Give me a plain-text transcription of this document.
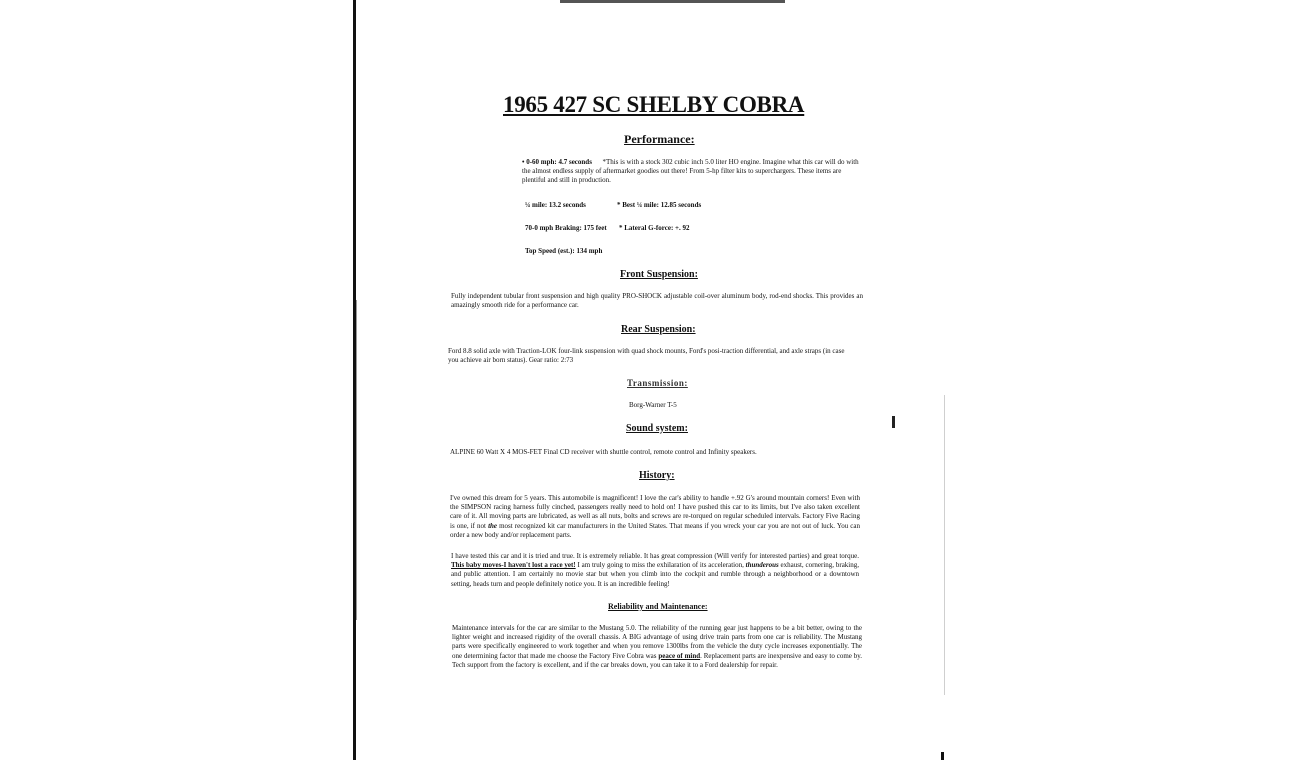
1965 427 SC SHELBY COBRA
Performance:
• 0-60 mph: 4.7 seconds *This is with a stock 302 cubic inch 5.0 liter HO engine. Imagine what this car will do with the almost endless supply of aftermarket goodies out there! From 5-hp filter kits to superchargers. These items are plentiful and still in production.
¼ mile: 13.2 seconds	* Best ¼ mile: 12.85 seconds
70-0 mph Braking: 175 feet * Lateral G-force: +. 92
Top Speed (est.): 134 mph
Front Suspension:
Fully independent tubular front suspension and high quality PRO-SHOCK adjustable coil-over aluminum body, rod-end shocks. This provides an amazingly smooth ride for a performance car.
Rear Suspension:
Ford 8.8 solid axle with Traction-LOK four-link suspension with quad shock mounts, Ford's posi-traction differential, and axle straps (in case you achieve air born status). Gear ratio: 2:73
Transmission:
Borg-Warner T-5
Sound system:
ALPINE 60 Watt X 4 MOS-FET Final CD receiver with shuttle control, remote control and Infinity speakers.
History:
I've owned this dream for 5 years. This automobile is magnificent! I love the car's ability to handle +.92 G's around mountain corners! Even with the SIMPSON racing harness fully cinched, passengers really need to hold on! I have pushed this car to its limits, but I've also taken excellent care of it. All moving parts are lubricated, as well as all nuts, bolts and screws are re-torqued on regular scheduled intervals. Factory Five Racing is one, if not the most recognized kit car manufacturers in the United States. That means if you wreck your car you are not out of luck. You can order a new body and/or replacement parts.
I have tested this car and it is tried and true. It is extremely reliable. It has great compression (Will verify for interested parties) and great torque. This baby moves-I haven't lost a race yet! I am truly going to miss the exhilaration of its acceleration, thunderous exhaust, cornering, braking, and public attention. I am certainly no movie star but when you climb into the cockpit and rumble through a neighborhood or a downtown setting, heads turn and people definitely notice you. It is an incredible feeling!
Reliability and Maintenance:
Maintenance intervals for the car are similar to the Mustang 5.0. The reliability of the running gear just happens to be a bit better, owing to the lighter weight and increased rigidity of the overall chassis. A BIG advantage of using drive train parts from one car is reliability. The Mustang parts were specifically engineered to work together and when you remove 1300lbs from the vehicle the duty cycle increases exponentially. The one determining factor that made me choose the Factory Five Cobra was peace of mind. Replacement parts are inexpensive and easy to come by. Tech support from the factory is excellent, and if the car breaks down, you can take it to a Ford dealership for repair.
